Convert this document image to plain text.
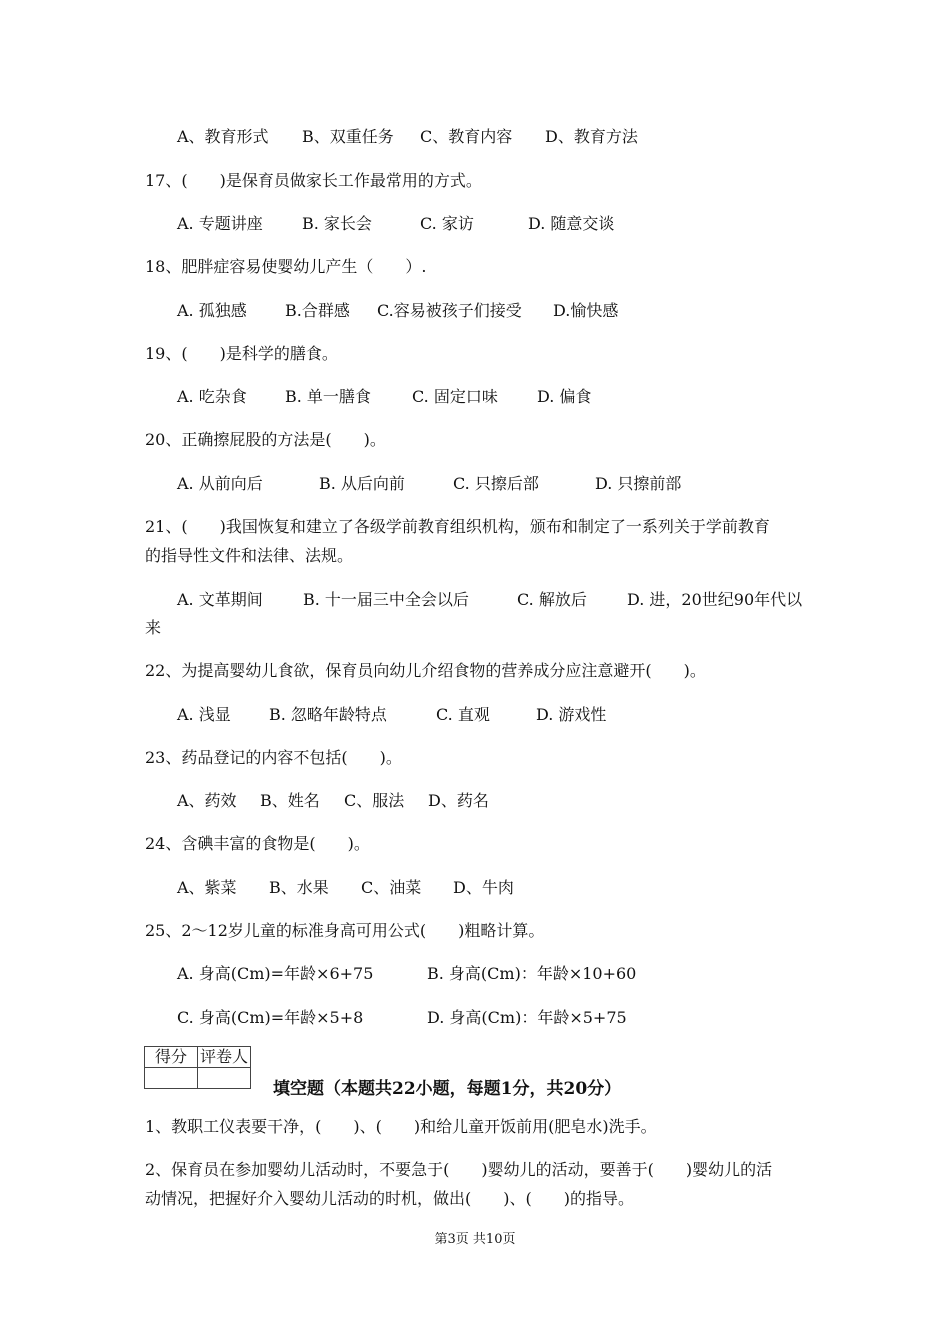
A、教育形式 B、双重任务 C、教育内容 D、教育方法
17、(　　)是保育员做家长工作最常用的方式。
A. 专题讲座 B. 家长会	C. 家访	D. 随意交谈
18、肥胖症容易使婴幼儿产生（　　）.
A. 孤独感 B.合群感 C.容易被孩子们接受 D.愉快感
19、(　　)是科学的膳食。
A. 吃杂食 B. 单一膳食	C. 固定口味 D. 偏食
20、正确擦屁股的方法是(　　)。
A. 从前向后	B. 从后向前	C. 只擦后部	D. 只擦前部
21、(　　)我国恢复和建立了各级学前教育组织机构，颁布和制定了一系列关于学前教育
的指导性文件和法律、法规。
A. 文革期间	B. 十一届三中全会以后	C. 解放后	D. 进，20世纪90年代以
来
22、为提高婴幼儿食欲，保育员向幼儿介绍食物的营养成分应注意避开(　　)。
A. 浅显 B. 忽略年龄特点	C. 直观	D. 游戏性
23、药品登记的内容不包括(　　)。
A、药效 B、姓名 C、服法 D、药名
24、含碘丰富的食物是(　　)。
A、紫菜 B、水果 C、油菜 D、牛肉
25、2～12岁儿童的标准身高可用公式(　　)粗略计算。
A. 身高(Cm)=年龄×6+75	B. 身高(Cm)：年龄×10+60
C. 身高(Cm)=年龄×5+8	D. 身高(Cm)：年龄×5+75
得分	评卷人

填空题（本题共22小题，每题1分，共20分）
1、教职工仪表要干净，(　　)、(　　)和给儿童开饭前用(肥皂水)洗手。
2、保育员在参加婴幼儿活动时，不要急于(　　)婴幼儿的活动，要善于(　　)婴幼儿的活
动情况，把握好介入婴幼儿活动的时机，做出(　　)、(　　)的指导。
第3页 共10页
